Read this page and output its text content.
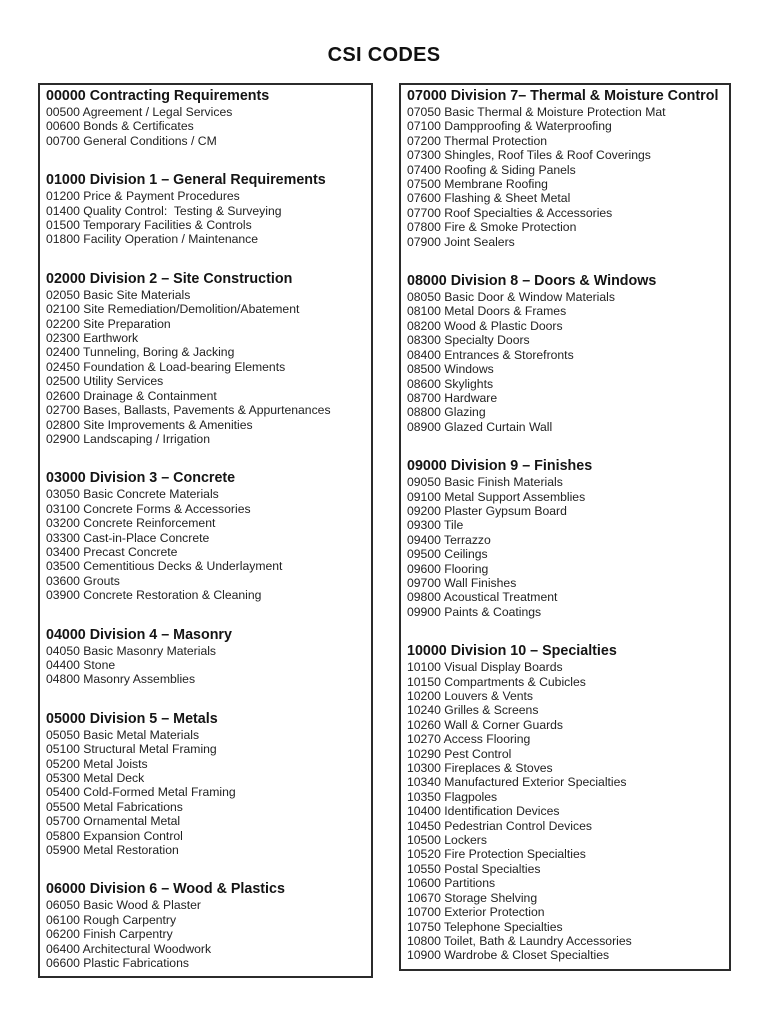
CSI CODES
00000 Contracting Requirements
00500 Agreement / Legal Services
00600 Bonds & Certificates
00700 General Conditions / CM
01000 Division 1 – General Requirements
01200 Price & Payment Procedures
01400 Quality Control:  Testing & Surveying
01500 Temporary Facilities & Controls
01800 Facility Operation / Maintenance
02000 Division 2 – Site Construction
02050 Basic Site Materials
02100 Site Remediation/Demolition/Abatement
02200 Site Preparation
02300 Earthwork
02400 Tunneling, Boring & Jacking
02450 Foundation & Load-bearing Elements
02500 Utility Services
02600 Drainage & Containment
02700 Bases, Ballasts, Pavements & Appurtenances
02800 Site Improvements & Amenities
02900 Landscaping / Irrigation
03000 Division 3 – Concrete
03050 Basic Concrete Materials
03100 Concrete Forms & Accessories
03200 Concrete Reinforcement
03300 Cast-in-Place Concrete
03400 Precast Concrete
03500 Cementitious Decks & Underlayment
03600 Grouts
03900 Concrete Restoration & Cleaning
04000 Division 4 – Masonry
04050 Basic Masonry Materials
04400 Stone
04800 Masonry Assemblies
05000 Division 5 – Metals
05050 Basic Metal Materials
05100 Structural Metal Framing
05200 Metal Joists
05300 Metal Deck
05400 Cold-Formed Metal Framing
05500 Metal Fabrications
05700 Ornamental Metal
05800 Expansion Control
05900 Metal Restoration
06000 Division 6 – Wood & Plastics
06050 Basic Wood & Plaster
06100 Rough Carpentry
06200 Finish Carpentry
06400 Architectural Woodwork
06600 Plastic Fabrications
07000 Division 7– Thermal & Moisture Control
07050 Basic Thermal & Moisture Protection Mat
07100 Dampproofing & Waterproofing
07200 Thermal Protection
07300 Shingles, Roof Tiles & Roof Coverings
07400 Roofing & Siding Panels
07500 Membrane Roofing
07600 Flashing & Sheet Metal
07700 Roof Specialties & Accessories
07800 Fire & Smoke Protection
07900 Joint Sealers
08000 Division 8 – Doors & Windows
08050 Basic Door & Window Materials
08100 Metal Doors & Frames
08200 Wood & Plastic Doors
08300 Specialty Doors
08400 Entrances & Storefronts
08500 Windows
08600 Skylights
08700 Hardware
08800 Glazing
08900 Glazed Curtain Wall
09000 Division 9 – Finishes
09050 Basic Finish Materials
09100 Metal Support Assemblies
09200 Plaster Gypsum Board
09300 Tile
09400 Terrazzo
09500 Ceilings
09600 Flooring
09700 Wall Finishes
09800 Acoustical Treatment
09900 Paints & Coatings
10000 Division 10 – Specialties
10100 Visual Display Boards
10150 Compartments & Cubicles
10200 Louvers & Vents
10240 Grilles & Screens
10260 Wall & Corner Guards
10270 Access Flooring
10290 Pest Control
10300 Fireplaces & Stoves
10340 Manufactured Exterior Specialties
10350 Flagpoles
10400 Identification Devices
10450 Pedestrian Control Devices
10500 Lockers
10520 Fire Protection Specialties
10550 Postal Specialties
10600 Partitions
10670 Storage Shelving
10700 Exterior Protection
10750 Telephone Specialties
10800 Toilet, Bath & Laundry Accessories
10900 Wardrobe & Closet Specialties
